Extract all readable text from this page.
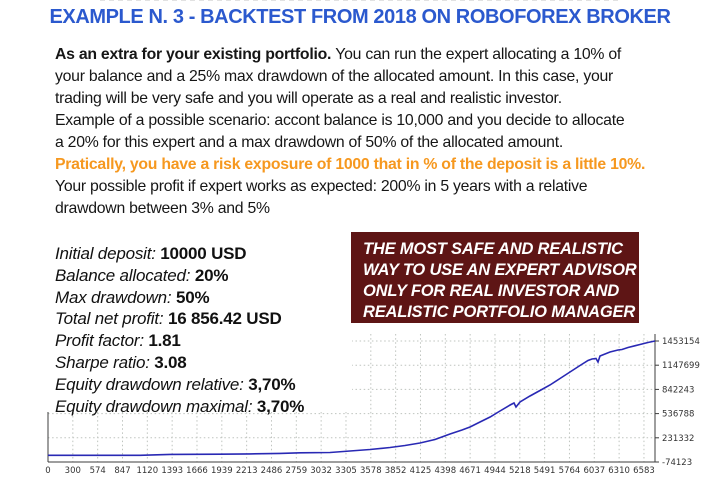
EXAMPLE N. 3 - BACKTEST FROM 2018 ON ROBOFOREX BROKER
As an extra for your existing portfolio. You can run the expert allocating a 10% of
your balance and a 25% max drawdown of the allocated amount. In this case, your
trading will be very safe and you will operate as a real and realistic investor.
Example of a possible scenario: accont balance is 10,000 and you decide to allocate
a 20% for this expert and a max drawdown of 50% of the allocated amount.
Pratically, you have a risk exposure of 1000 that in % of the deposit is a little 10%.
Your possible profit if expert works as expected: 200% in 5 years with a relative
drawdown between 3% and 5%
Initial deposit: 10000 USD
Balance allocated: 20%
Max drawdown: 50%
Total net profit: 16 856.42 USD
Profit factor: 1.81
Sharpe ratio: 3.08
Equity drawdown relative: 3,70%
Equity drawdown maximal: 3,70%
THE MOST SAFE AND REALISTIC
WAY TO USE AN EXPERT ADVISOR
ONLY FOR REAL INVESTOR AND
REALISTIC PORTFOLIO MANAGER
1453154
1147699
842243
536788
231332
-74123
0 300 574 847 1120 1393 1666 1939 2213 2486 2759 3032 3305 3578 3852 4125 4398 4671 4944 5218 5491 5764 6037 6310 6583
